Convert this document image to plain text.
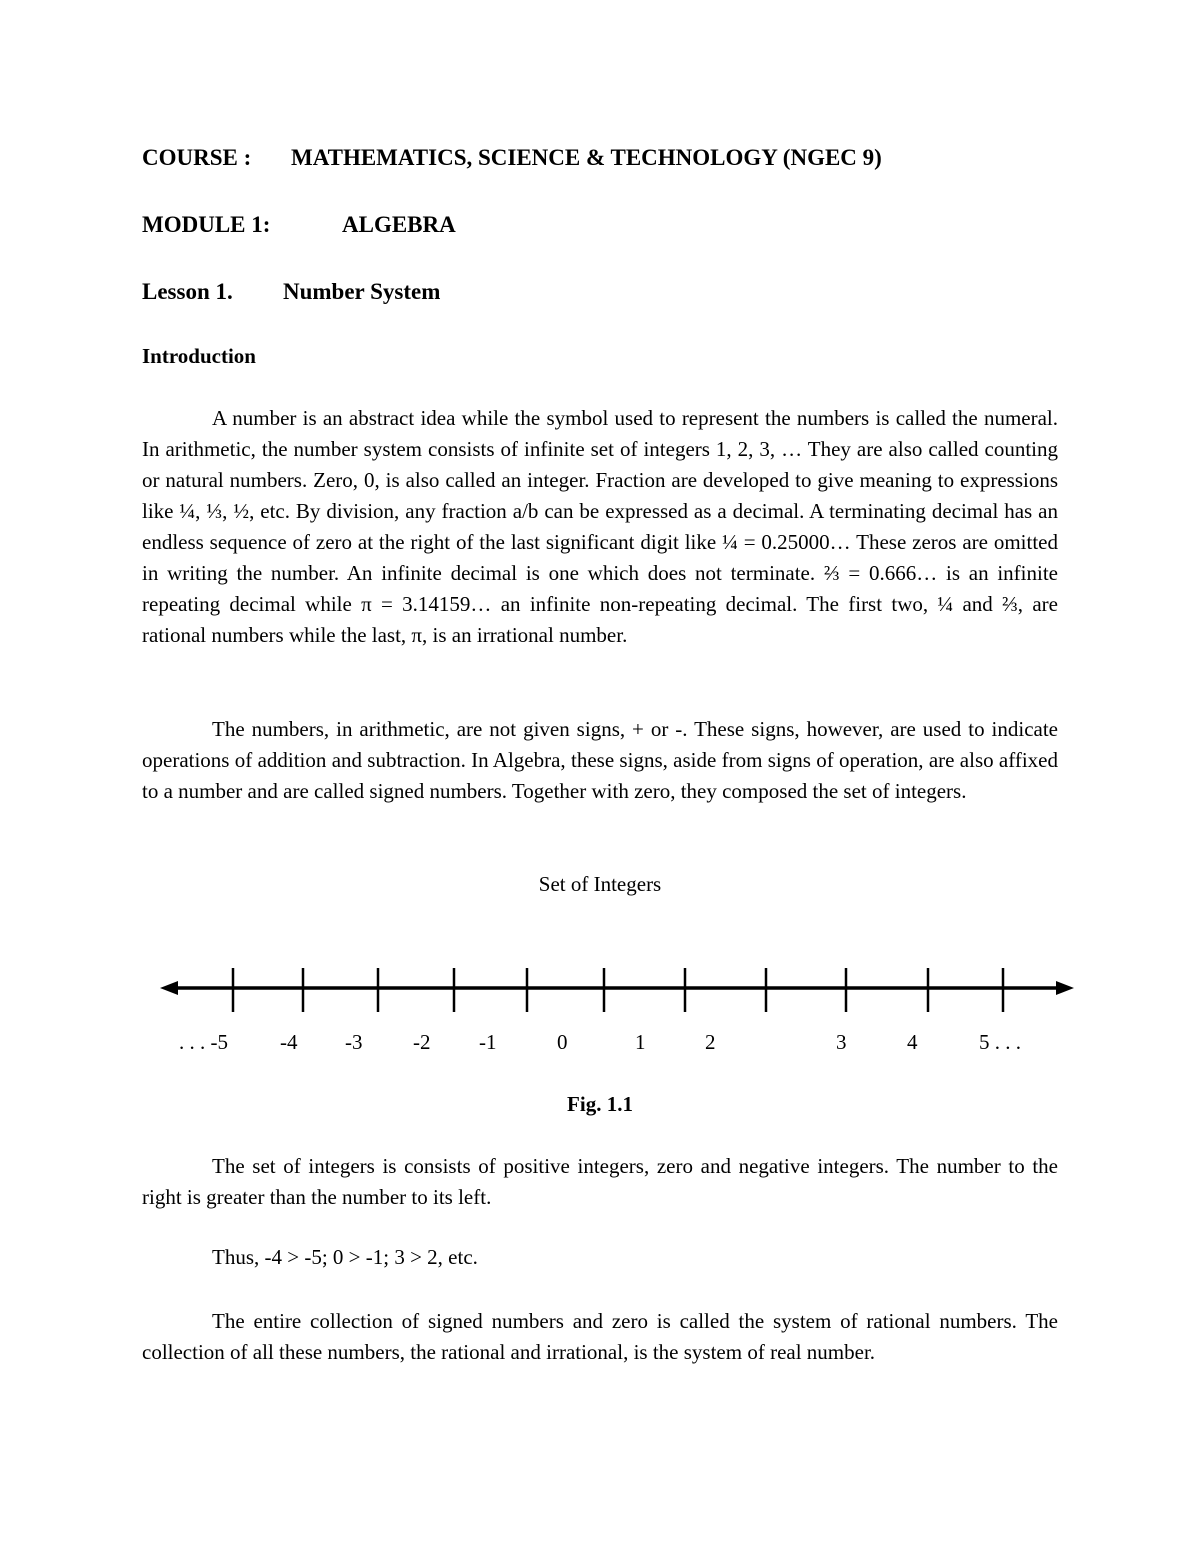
COURSE : MATHEMATICS, SCIENCE & TECHNOLOGY (NGEC 9)
MODULE 1:	ALGEBRA
Lesson 1. Number System
Introduction

A number is an abstract idea while the symbol used to represent the numbers is called the numeral. In arithmetic, the number system consists of infinite set of integers 1, 2, 3, … They are also called counting or natural numbers. Zero, 0, is also called an integer. Fraction are developed to give meaning to expressions like ¼, ⅓, ½, etc. By division, any fraction a/b can be expressed as a decimal. A terminating decimal has an endless sequence of zero at the right of the last significant digit like ¼ = 0.25000… These zeros are omitted in writing the number. An infinite decimal is one which does not terminate. ⅔ = 0.666… is an infinite repeating decimal while π = 3.14159… an infinite non-repeating decimal. The first two, ¼ and ⅔, are rational numbers while the last, π, is an irrational number.

The numbers, in arithmetic, are not given signs, + or -. These signs, however, are used to indicate operations of addition and subtraction. In Algebra, these signs, aside from signs of operation, are also affixed to a number and are called signed numbers. Together with zero, they composed the set of integers.

Set of Integers
. . . -5 -4 -3 -2 -1	0	1	2	3	4	5 . . .
Fig. 1.1

The set of integers is consists of positive integers, zero and negative integers. The number to the right is greater than the number to its left.

Thus, -4 > -5; 0 > -1; 3 > 2, etc.

The entire collection of signed numbers and zero is called the system of rational numbers. The collection of all these numbers, the rational and irrational, is the system of real number.
